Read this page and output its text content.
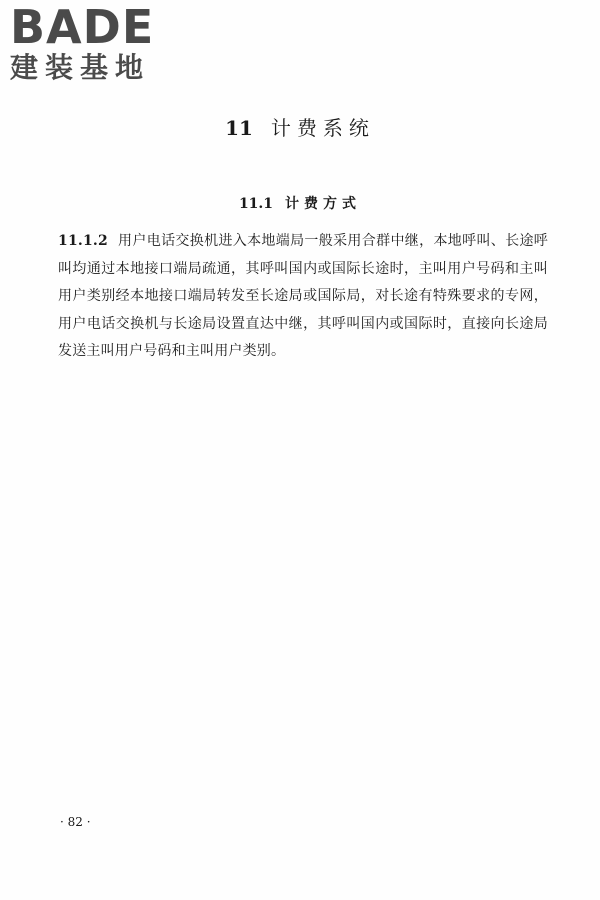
BADE
建装基地
11 计费系统
11.1 计费方式
11.1.2 用户电话交换机进入本地端局一般采用合群中继，本地呼叫、长途呼叫均通过本地接口端局疏通，其呼叫国内或国际长途时，主叫用户号码和主叫用户类别经本地接口端局转发至长途局或国际局，对长途有特殊要求的专网，用户电话交换机与长途局设置直达中继，其呼叫国内或国际时，直接向长途局发送主叫用户号码和主叫用户类别。
· 82 ·
